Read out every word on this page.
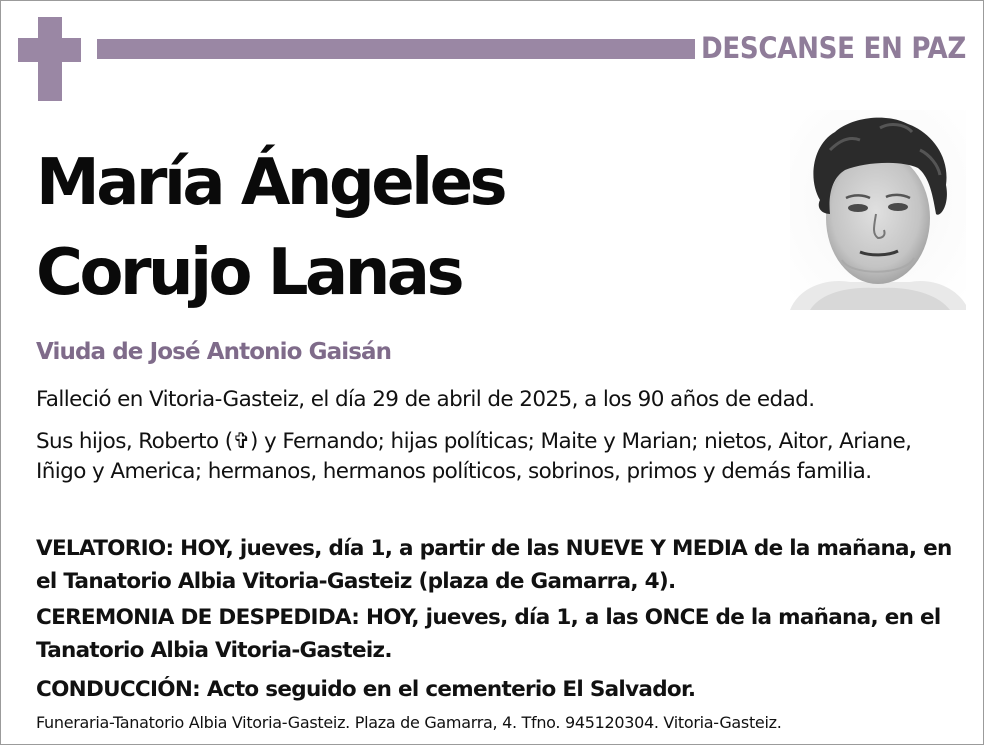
DESCANSE EN PAZ
María Ángeles
Corujo Lanas
Viuda de José Antonio Gaisán

Falleció en Vitoria-Gasteiz, el día 29 de abril de 2025, a los 90 años de edad.

Sus hijos, Roberto (✞) y Fernando; hijas políticas; Maite y Marian; nietos, Aitor, Ariane, Iñigo y America; hermanos, hermanos políticos, sobrinos, primos y demás familia.

VELATORIO: HOY, jueves, día 1, a partir de las NUEVE Y MEDIA de la mañana, en el Tanatorio Albia Vitoria-Gasteiz (plaza de Gamarra, 4).

CEREMONIA DE DESPEDIDA: HOY, jueves, día 1, a las ONCE de la mañana, en el Tanatorio Albia Vitoria-Gasteiz.

CONDUCCIÓN: Acto seguido en el cementerio El Salvador.

Funeraria-Tanatorio Albia Vitoria-Gasteiz. Plaza de Gamarra, 4. Tfno. 945120304. Vitoria-Gasteiz.
